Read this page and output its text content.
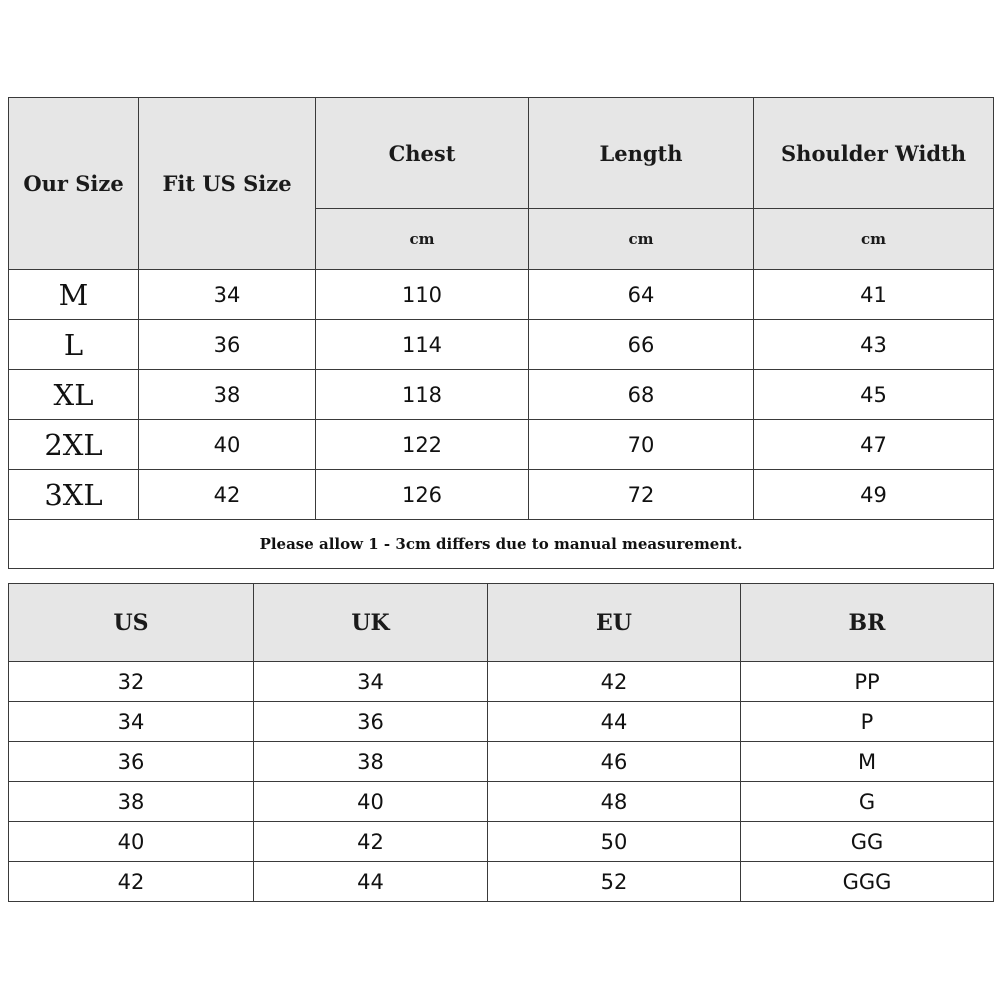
Our Size	Fit US Size	Chest	Length	Shoulder Width
		cm	cm	cm
M	34	110	64	41
L	36	114	66	43
XL	38	118	68	45
2XL	40	122	70	47
3XL	42	126	72	49
Please allow 1 - 3cm differs due to manual measurement.				
US	UK	EU	BR
32	34	42	PP
34	36	44	P
36	38	46	M
38	40	48	G
40	42	50	GG
42	44	52	GGG
